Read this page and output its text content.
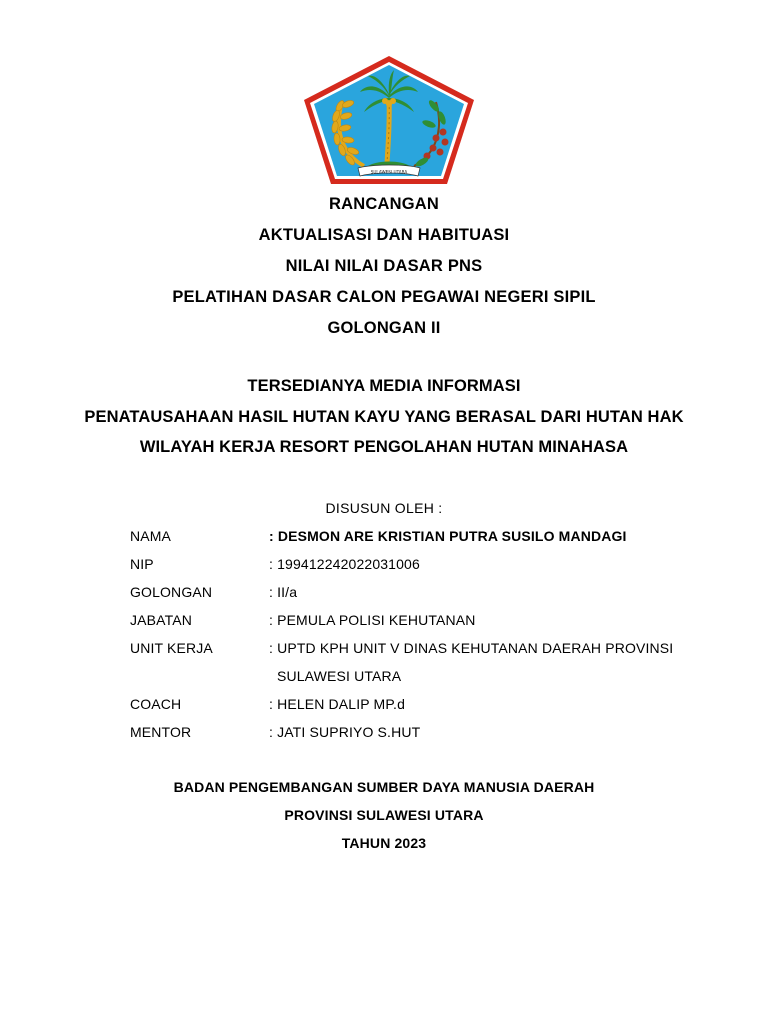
SULAWESI UTARA
RANCANGAN
AKTUALISASI DAN HABITUASI
NILAI NILAI DASAR PNS
PELATIHAN DASAR CALON PEGAWAI NEGERI SIPIL
GOLONGAN II
TERSEDIANYA MEDIA INFORMASI
PENATAUSAHAAN HASIL HUTAN KAYU YANG BERASAL DARI HUTAN HAK
WILAYAH KERJA RESORT PENGOLAHAN HUTAN MINAHASA
DISUSUN OLEH :
NAMA	: DESMON ARE KRISTIAN PUTRA SUSILO MANDAGI
NIP	: 199412242022031006
GOLONGAN	: II/a
JABATAN	: PEMULA POLISI KEHUTANAN
UNIT KERJA	: UPTD KPH UNIT V DINAS KEHUTANAN DAERAH PROVINSI
SULAWESI UTARA
COACH	: HELEN DALIP MP.d
MENTOR	: JATI SUPRIYO S.HUT
BADAN PENGEMBANGAN SUMBER DAYA MANUSIA DAERAH
PROVINSI SULAWESI UTARA
TAHUN 2023
